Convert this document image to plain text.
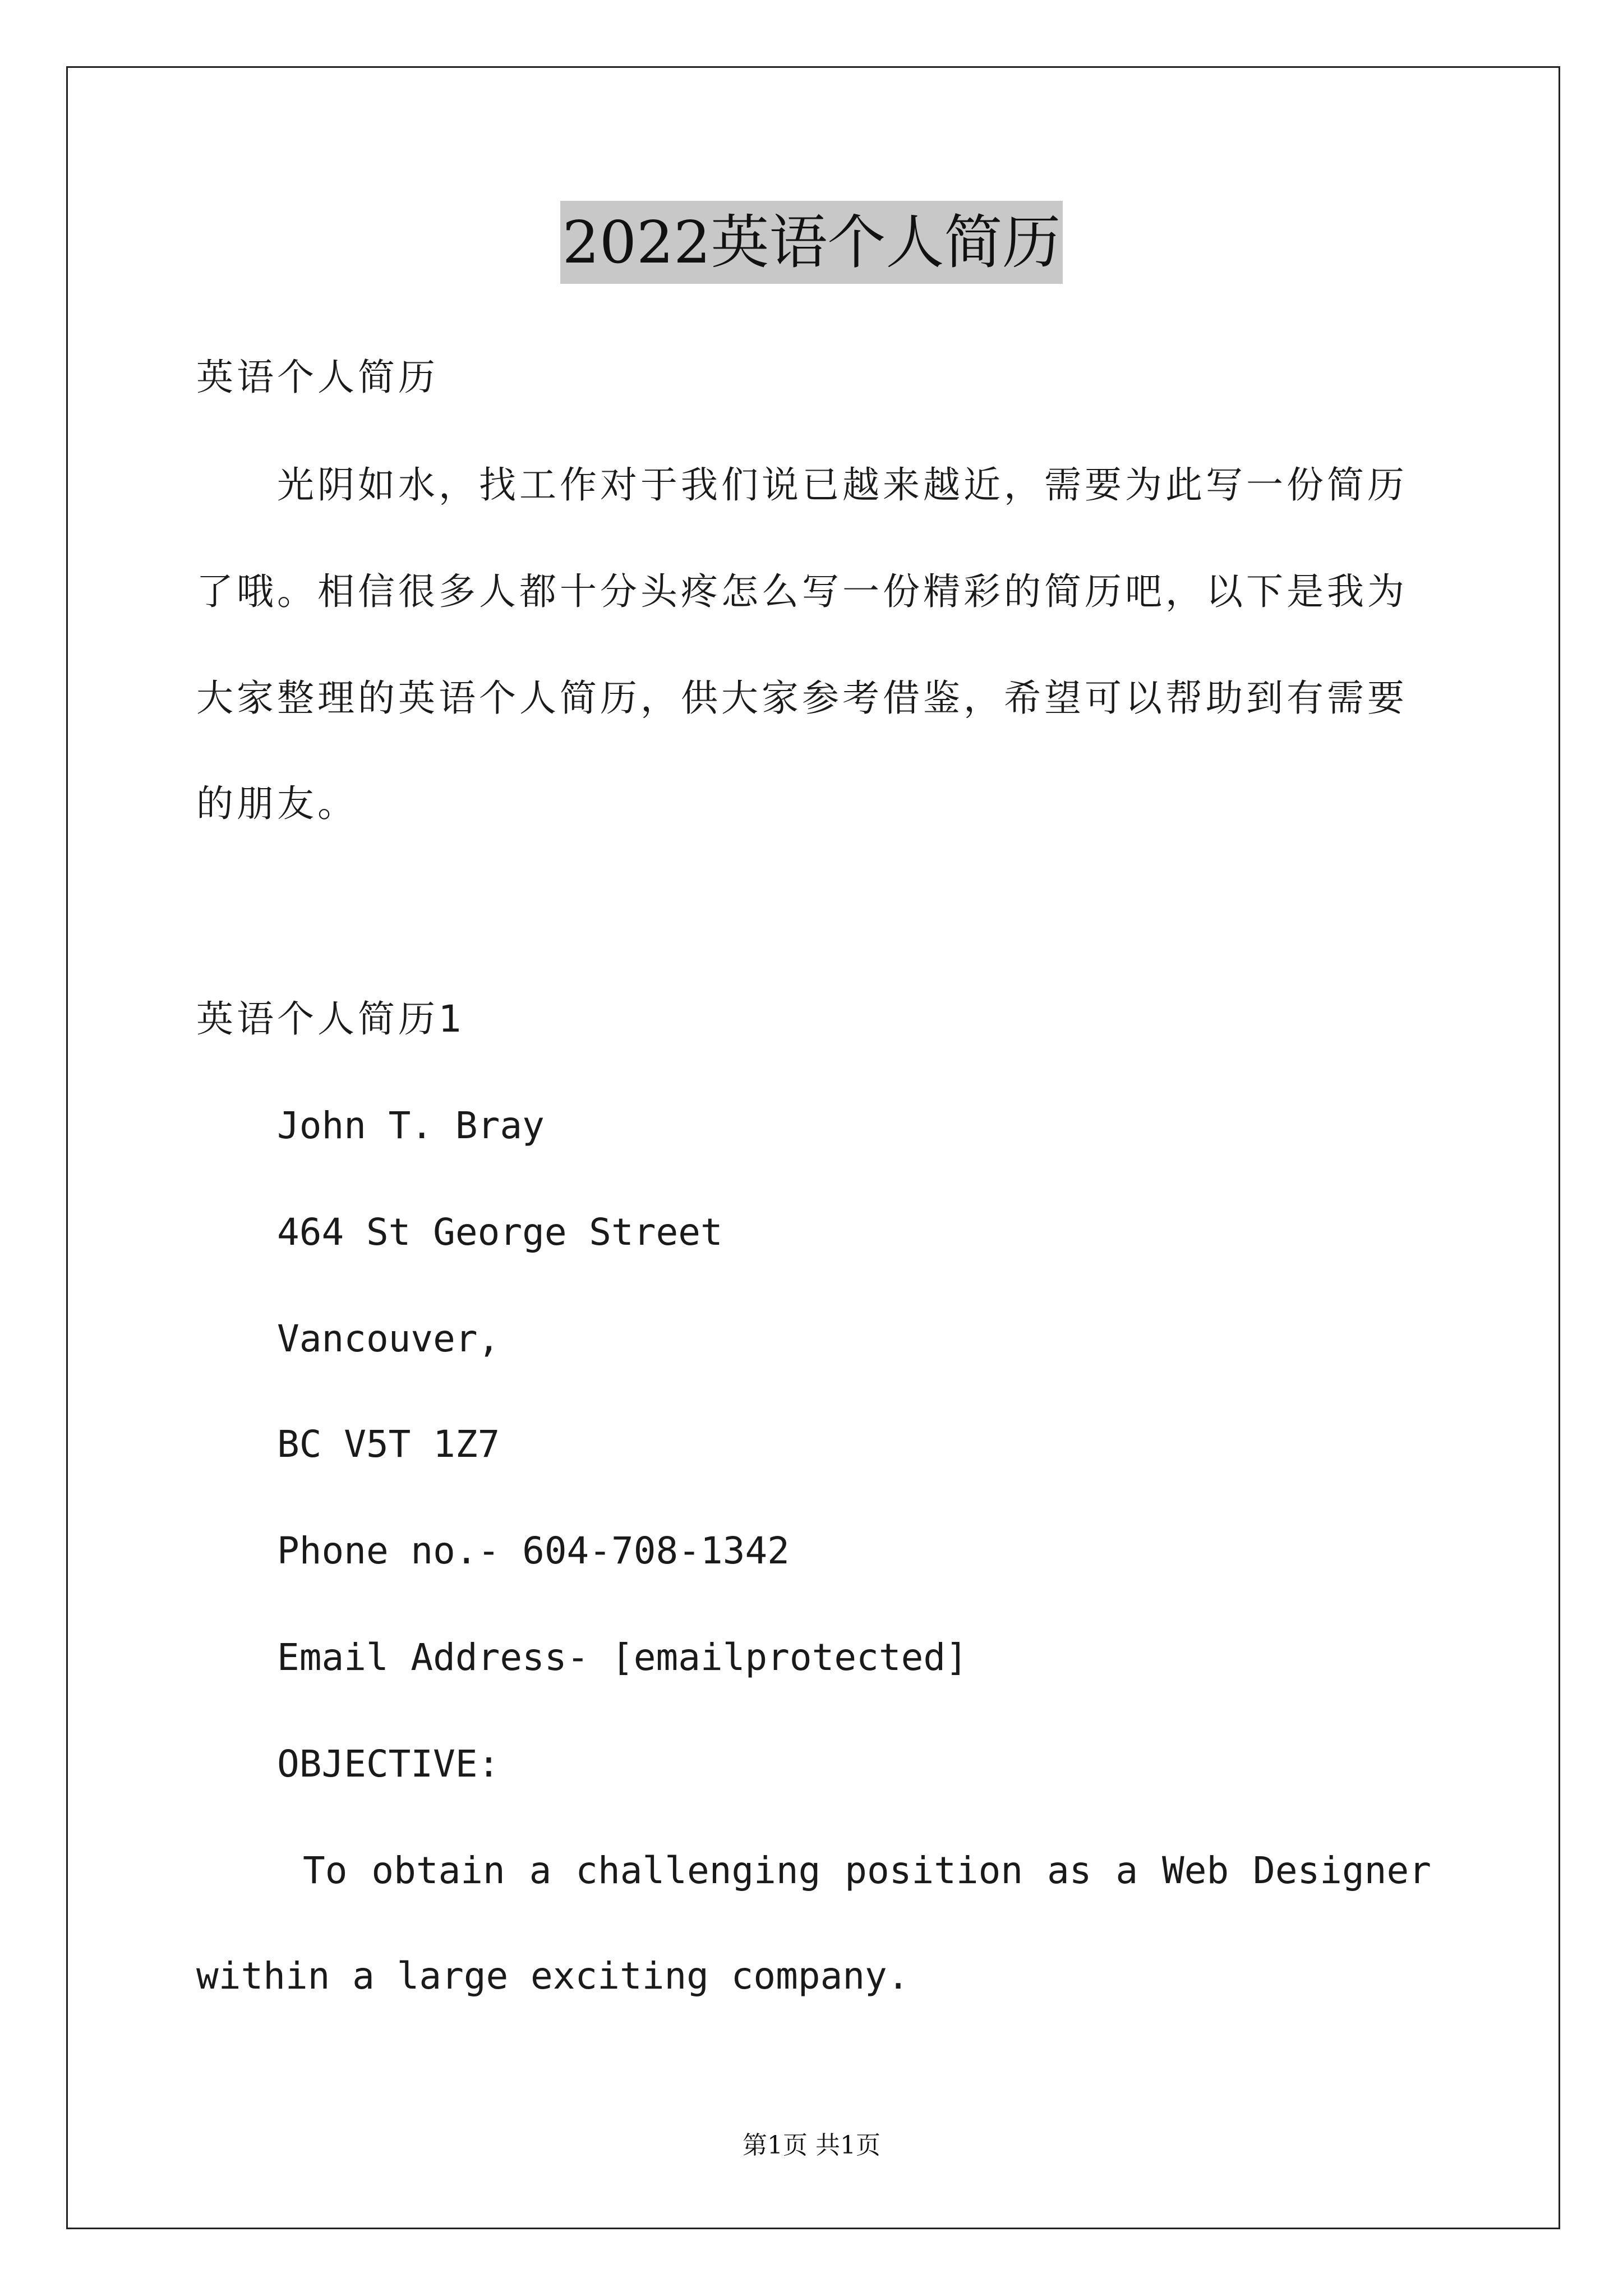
2022英语个人简历
英语个人简历
光阴如水，找工作对于我们说已越来越近，需要为此写一份简历
了哦。相信很多人都十分头疼怎么写一份精彩的简历吧，以下是我为
大家整理的英语个人简历，供大家参考借鉴，希望可以帮助到有需要
的朋友。
英语个人简历1
John T. Bray
464 St George Street
Vancouver,
BC V5T 1Z7
Phone no.- 604-708-1342
Email Address- [emailprotected]
OBJECTIVE:
To obtain a challenging position as a Web Designer
within a large exciting company.
第1页 共1页
